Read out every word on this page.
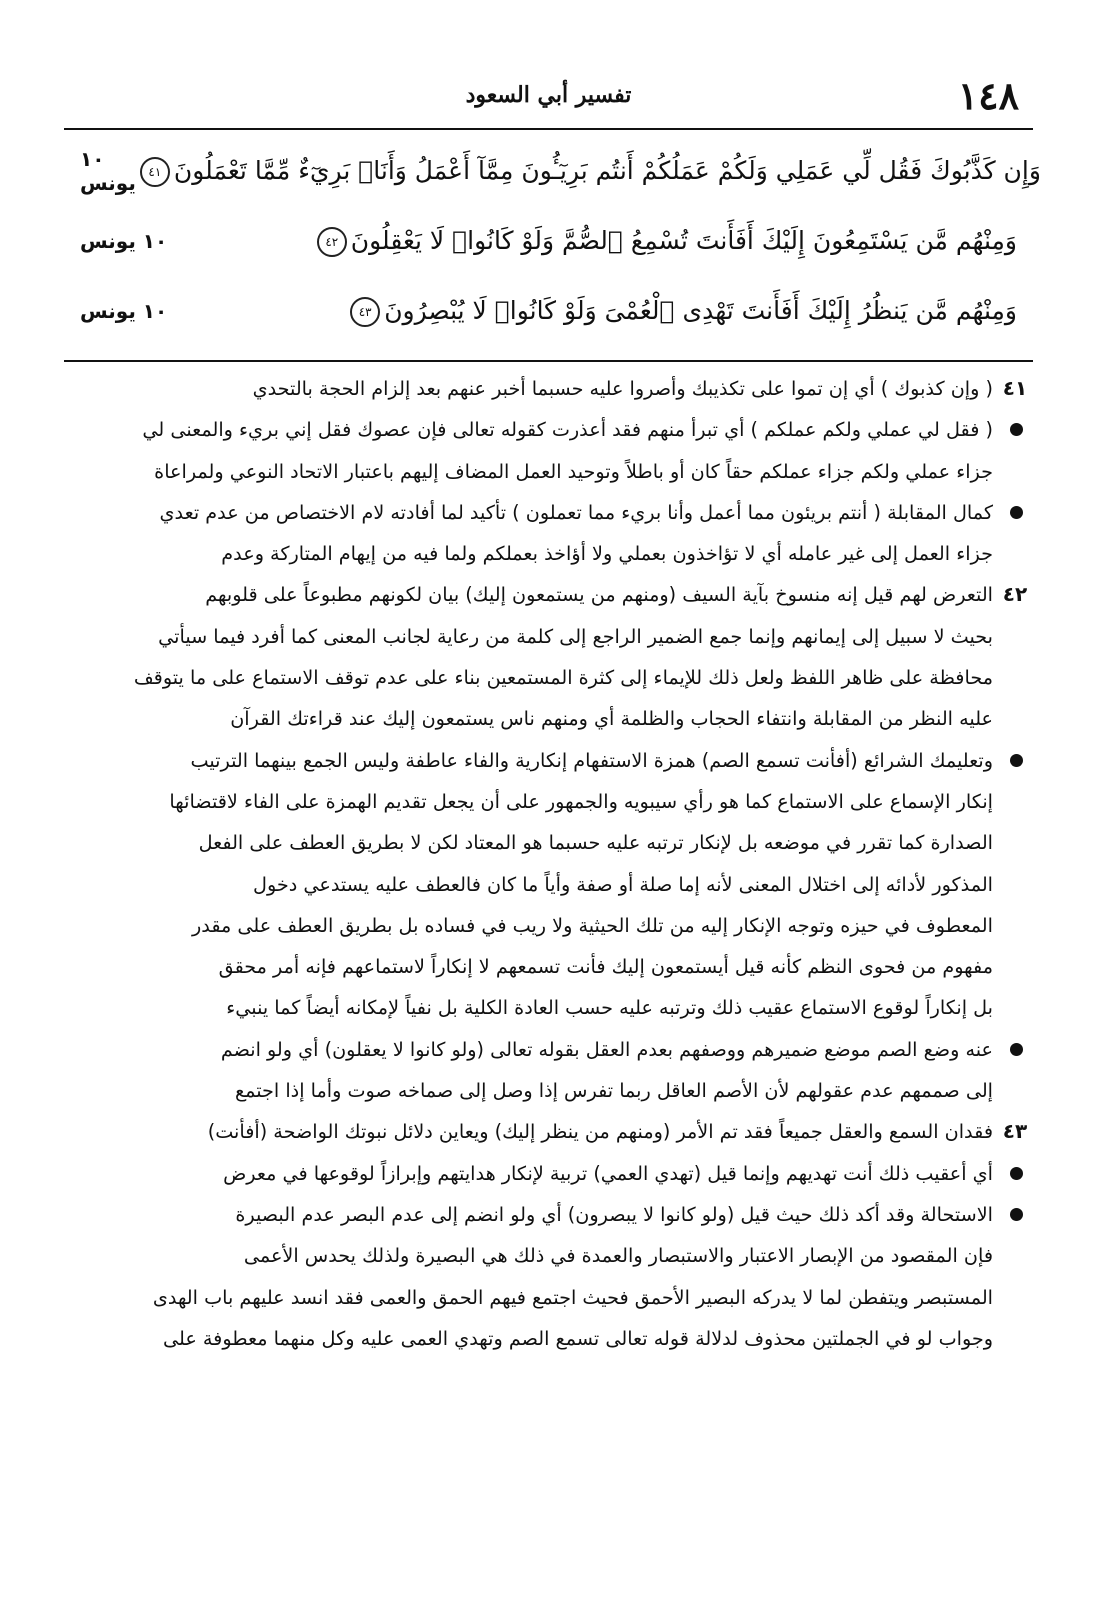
١٤٨
تفسير أبي السعود
١٠ يونس	وَإِن كَذَّبُوكَ فَقُل لِّي عَمَلِي وَلَكُمْ عَمَلُكُمْ أَنتُم بَرِيٓـُٔونَ مِمَّآ أَعْمَلُ وَأَنَا۠ بَرِيٓءٌ مِّمَّا تَعْمَلُونَ٤١
١٠ يونس	وَمِنْهُم مَّن يَسْتَمِعُونَ إِلَيْكَ أَفَأَنتَ تُسْمِعُ ٱلصُّمَّ وَلَوْ كَانُوا۟ لَا يَعْقِلُونَ٤٢
١٠ يونس	وَمِنْهُم مَّن يَنظُرُ إِلَيْكَ أَفَأَنتَ تَهْدِى ٱلْعُمْىَ وَلَوْ كَانُوا۟ لَا يُبْصِرُونَ٤٣
٤١
( وإن كذبوك ) أي إن تموا على تكذيبك وأصروا عليه حسبما أخبر عنهم بعد إلزام الحجة بالتحدي
( فقل لي عملي ولكم عملكم ) أي تبرأ منهم فقد أعذرت كقوله تعالى فإن عصوك فقل إني بريء والمعنى لي
جزاء عملي ولكم جزاء عملكم حقاً كان أو باطلاً وتوحيد العمل المضاف إليهم باعتبار الاتحاد النوعي ولمراعاة
كمال المقابلة ( أنتم بريئون مما أعمل وأنا بريء مما تعملون ) تأكيد لما أفادته لام الاختصاص من عدم تعدي
جزاء العمل إلى غير عامله أي لا تؤاخذون بعملي ولا أؤاخذ بعملكم ولما فيه من إيهام المتاركة وعدم
٤٢
التعرض لهم قيل إنه منسوخ بآية السيف (ومنهم من يستمعون إليك) بيان لكونهم مطبوعاً على قلوبهم
بحيث لا سبيل إلى إيمانهم وإنما جمع الضمير الراجع إلى كلمة من رعاية لجانب المعنى كما أفرد فيما سيأتي
محافظة على ظاهر اللفظ ولعل ذلك للإيماء إلى كثرة المستمعين بناء على عدم توقف الاستماع على ما يتوقف
عليه النظر من المقابلة وانتفاء الحجاب والظلمة أي ومنهم ناس يستمعون إليك عند قراءتك القرآن
وتعليمك الشرائع (أفأنت تسمع الصم) همزة الاستفهام إنكارية والفاء عاطفة وليس الجمع بينهما الترتيب
إنكار الإسماع على الاستماع كما هو رأي سيبويه والجمهور على أن يجعل تقديم الهمزة على الفاء لاقتضائها
الصدارة كما تقرر في موضعه بل لإنكار ترتبه عليه حسبما هو المعتاد لكن لا بطريق العطف على الفعل
المذكور لأدائه إلى اختلال المعنى لأنه إما صلة أو صفة وأياً ما كان فالعطف عليه يستدعي دخول
المعطوف في حيزه وتوجه الإنكار إليه من تلك الحيثية ولا ريب في فساده بل بطريق العطف على مقدر
مفهوم من فحوى النظم كأنه قيل أيستمعون إليك فأنت تسمعهم لا إنكاراً لاستماعهم فإنه أمر محقق
بل إنكاراً لوقوع الاستماع عقيب ذلك وترتبه عليه حسب العادة الكلية بل نفياً لإمكانه أيضاً كما ينبيء
عنه وضع الصم موضع ضميرهم ووصفهم بعدم العقل بقوله تعالى (ولو كانوا لا يعقلون) أي ولو انضم
إلى صممهم عدم عقولهم لأن الأصم العاقل ربما تفرس إذا وصل إلى صماخه صوت وأما إذا اجتمع
٤٣
فقدان السمع والعقل جميعاً فقد تم الأمر (ومنهم من ينظر إليك) ويعاين دلائل نبوتك الواضحة (أفأنت)
أي أعقيب ذلك أنت تهديهم وإنما قيل (تهدي العمي) تربية لإنكار هدايتهم وإبرازاً لوقوعها في معرض
الاستحالة وقد أكد ذلك حيث قيل (ولو كانوا لا يبصرون) أي ولو انضم إلى عدم البصر عدم البصيرة
فإن المقصود من الإبصار الاعتبار والاستبصار والعمدة في ذلك هي البصيرة ولذلك يحدس الأعمى
المستبصر ويتفطن لما لا يدركه البصير الأحمق فحيث اجتمع فيهم الحمق والعمى فقد انسد عليهم باب الهدى
وجواب لو في الجملتين محذوف لدلالة قوله تعالى تسمع الصم وتهدي العمى عليه وكل منهما معطوفة على
